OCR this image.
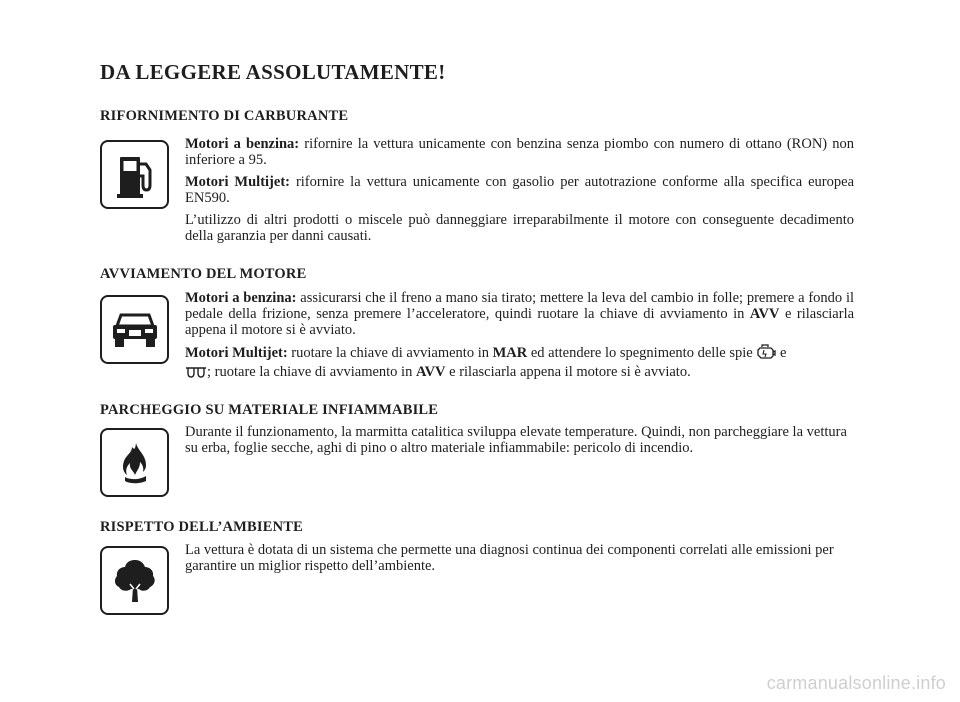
DA LEGGERE ASSOLUTAMENTE!
RIFORNIMENTO DI CARBURANTE

Motori a benzina: rifornire la vettura unicamente con benzina senza piombo con numero di ottano (RON) non inferiore a 95.

Motori Multijet: rifornire la vettura unicamente con gasolio per autotrazione conforme alla specifica europea EN590.

L’utilizzo di altri prodotti o miscele può danneggiare irreparabilmente il motore con conseguente decadimento della garanzia per danni causati.

AVVIAMENTO DEL MOTORE

Motori a benzina: assicurarsi che il freno a mano sia tirato; mettere la leva del cambio in folle; premere a fondo il pedale della frizione, senza premere l’acceleratore, quindi ruotare la chiave di avviamento in AVV e rilasciarla appena il motore si è avviato.

Motori Multijet: ruotare la chiave di avviamento in MAR ed attendere lo spegnimento delle spie e
; ruotare la chiave di avviamento in AVV e rilasciarla appena il motore si è avviato.

PARCHEGGIO SU MATERIALE INFIAMMABILE

Durante il funzionamento, la marmitta catalitica sviluppa elevate temperature. Quindi, non parcheggiare la vettura su erba, foglie secche, aghi di pino o altro materiale infiammabile: pericolo di incendio.

RISPETTO DELL’AMBIENTE

La vettura è dotata di un sistema che permette una diagnosi continua dei componenti correlati alle emissioni per garantire un miglior rispetto dell’ambiente.

carmanualsonline.info
